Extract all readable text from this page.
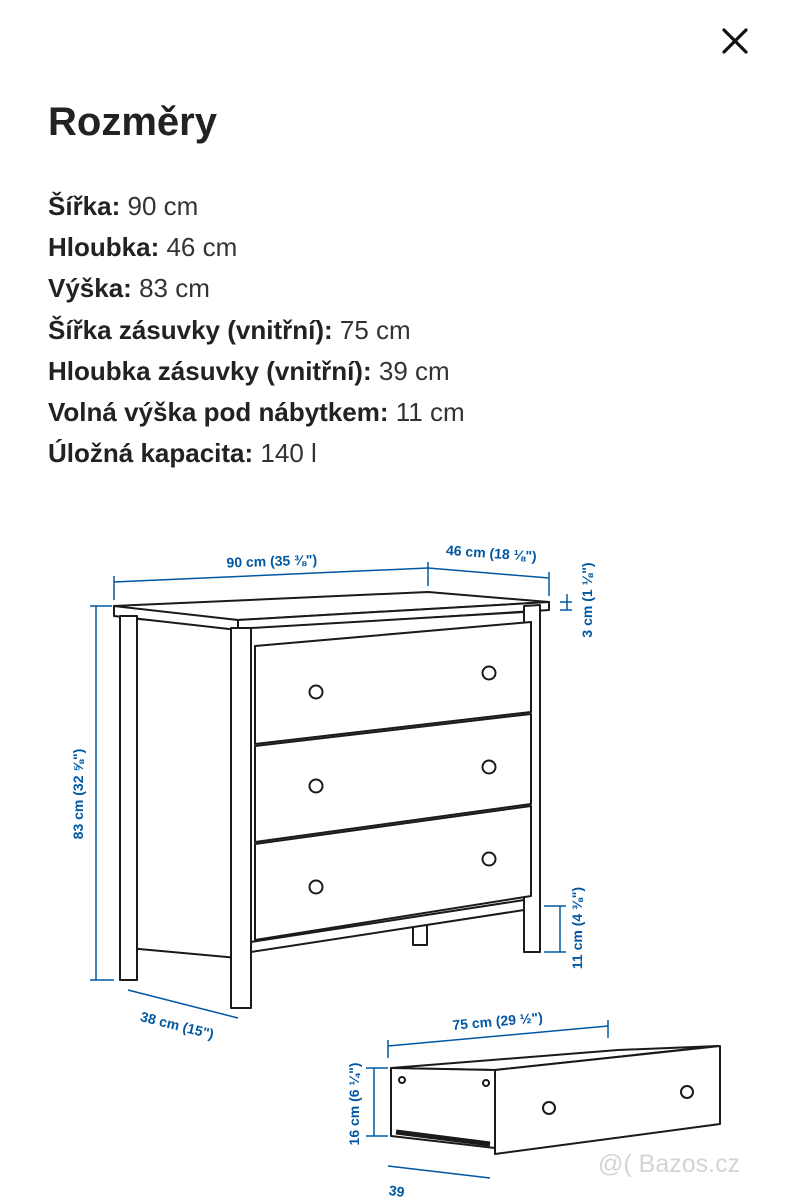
Rozměry
Šířka: 90 cm
Hloubka: 46 cm
Výška: 83 cm
Šířka zásuvky (vnitřní): 75 cm
Hloubka zásuvky (vnitřní): 39 cm
Volná výška pod nábytkem: 11 cm
Úložná kapacita: 140 l
90 cm (35 ⅜")	46 cm (18 ⅛")
3 cm (1 ⅛")
83 cm (32 ⅝")
11 cm (4 ⅜")
38 cm (15")	75 cm (29 ½")
16 cm (6 ¼")
39
@( Bazos.cz
